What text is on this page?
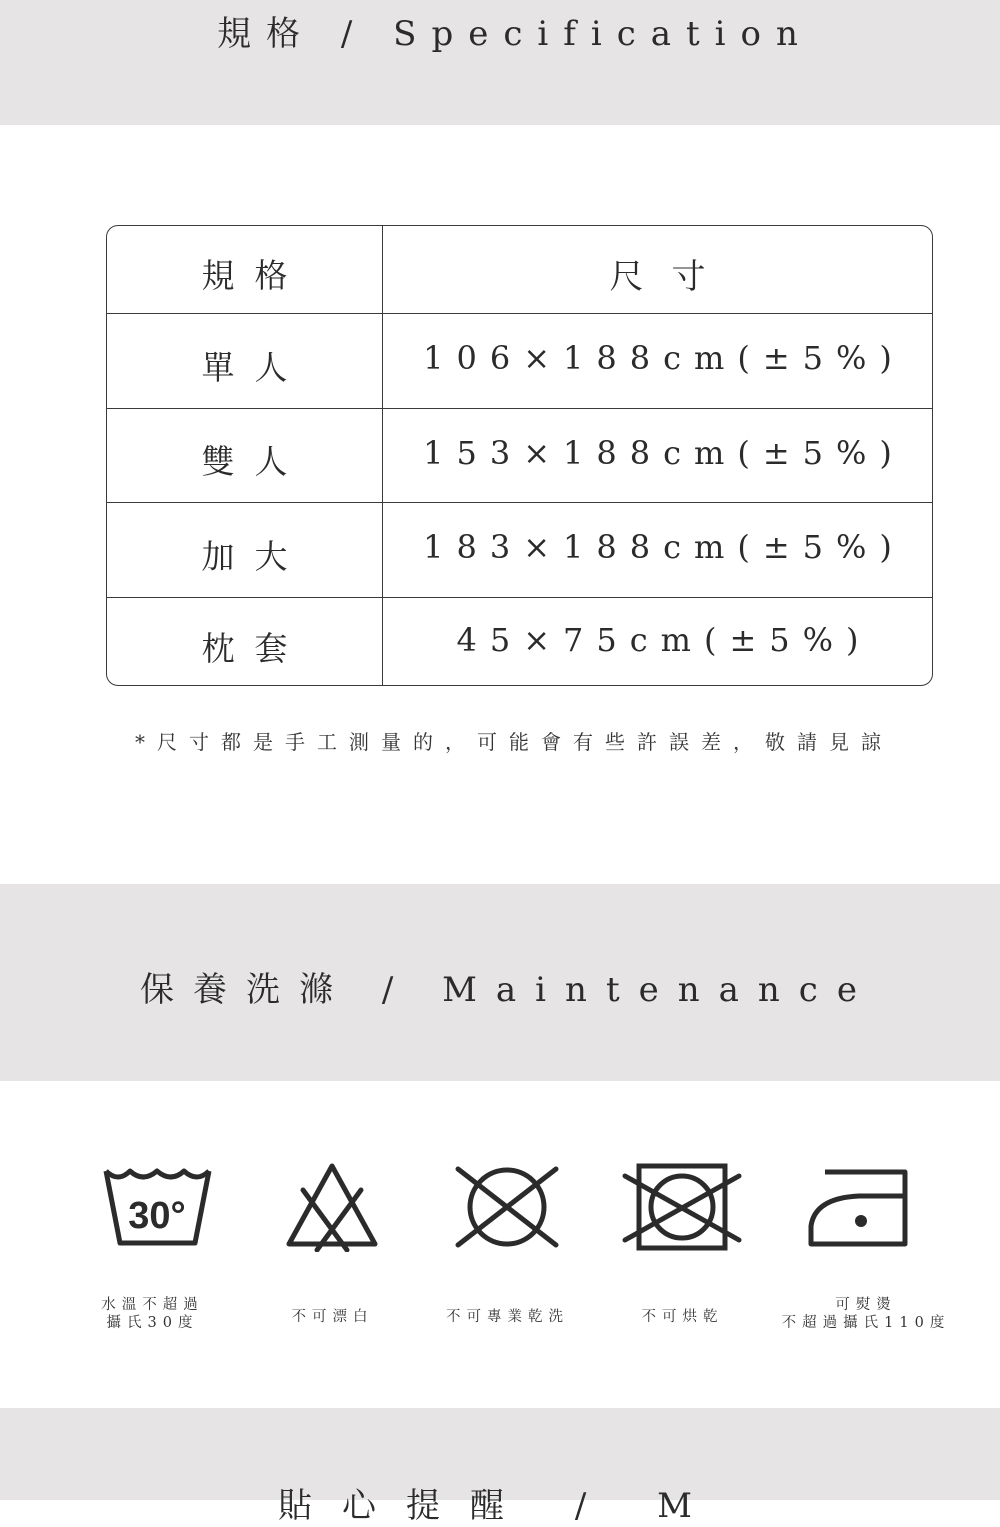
規格 / Specification
規格	尺寸
單人	106×188cm(±5%)
雙人	153×188cm(±5%)
加大	183×188cm(±5%)
枕套	45×75cm(±5%)
*尺寸都是手工測量的，可能會有些許誤差，敬請見諒
保養洗滌 / Maintenance
30°
水溫不超過
攝氏30度	不可漂白	不可專業乾洗	不可烘乾
可熨燙
不超過攝氏110度
貼心提醒 / M
